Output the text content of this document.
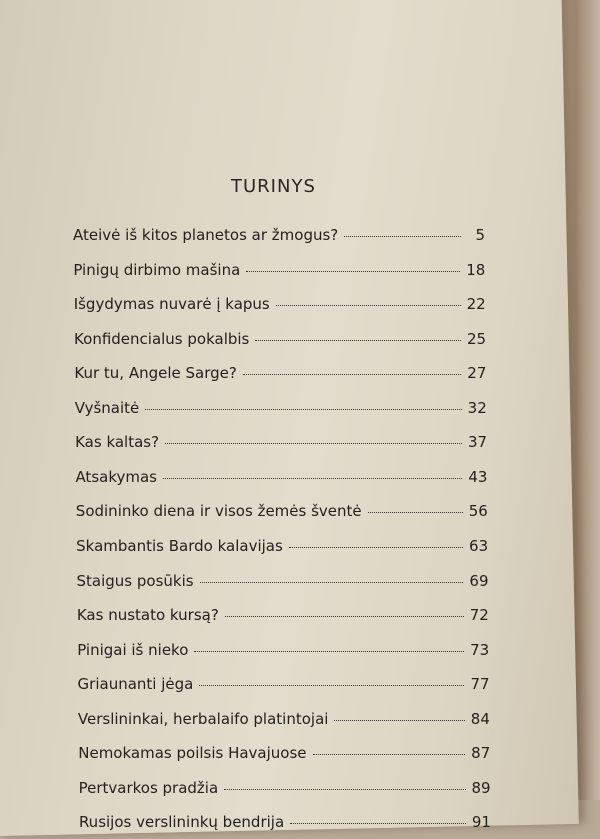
TURINYS
Ateivė iš kitos planetos ar žmogus?	5
Pinigų dirbimo mašina	18
Išgydymas nuvarė į kapus	22
Konfidencialus pokalbis	25
Kur tu, Angele Sarge?	27
Vyšnaitė	32
Kas kaltas?	37
Atsakymas	43
Sodininko diena ir visos žemės šventė	56
Skambantis Bardo kalavijas	63
Staigus posūkis	69
Kas nustato kursą?	72
Pinigai iš nieko	73
Griaunanti jėga	77
Verslininkai, herbalaifo platintojai	84
Nemokamas poilsis Havajuose	87
Pertvarkos pradžia	89
Rusijos verslininkų bendrija	91
